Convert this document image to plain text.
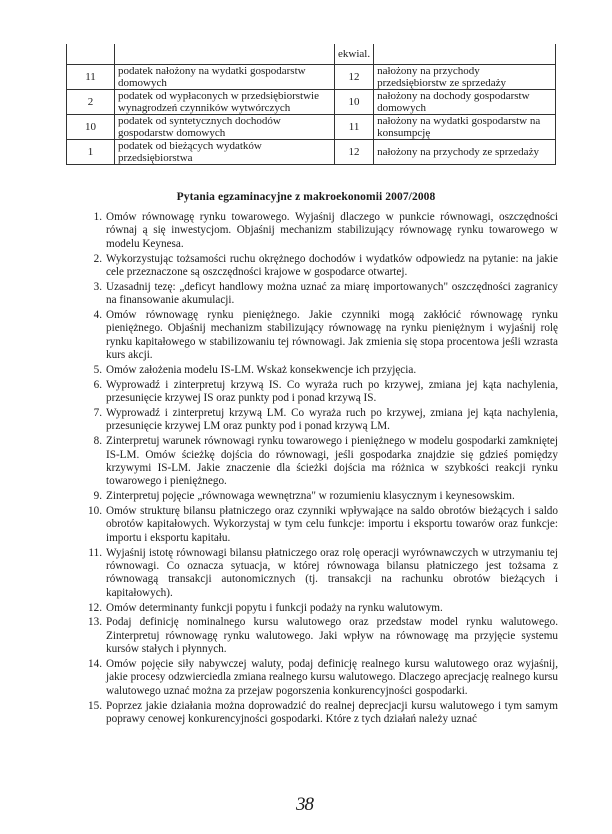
		ekwial.	

11	podatek nałożony na wydatki gospodarstw domowych	12	nałożony na przychody przedsiębiorstw ze sprzedaży
2	podatek od wypłaconych w przedsiębiorstwie wynagrodzeń czynników wytwórczych	10	nałożony na dochody gospodarstw domowych
10	podatek od syntetycznych dochodów gospodarstw domowych	11	nałożony na wydatki gospodarstw na konsumpcję
1	podatek od bieżących wydatków przedsiębiorstwa	12	nałożony na przychody ze sprzedaży
Pytania egzaminacyjne z makroekonomii 2007/2008
1. Omów równowagę rynku towarowego. Wyjaśnij dlaczego w punkcie równowagi, oszczędności równaj ą się inwestycjom. Objaśnij mechanizm stabilizujący równowagę rynku towarowego w modelu Keynesa.
2. Wykorzystując tożsamości ruchu okrężnego dochodów i wydatków odpowiedz na pytanie: na jakie cele przeznaczone są oszczędności krajowe w gospodarce otwartej.
3. Uzasadnij tezę: „deficyt handlowy można uznać za miarę importowanych" oszczędności zagranicy na finansowanie akumulacji.
4. Omów równowagę rynku pieniężnego. Jakie czynniki mogą zakłócić równowagę rynku pieniężnego. Objaśnij mechanizm stabilizujący równowagę na rynku pieniężnym i wyjaśnij rolę rynku kapitałowego w stabilizowaniu tej równowagi. Jak zmienia się stopa procentowa jeśli wzrasta kurs akcji.
5. Omów założenia modelu IS-LM. Wskaż konsekwencje ich przyjęcia.
6. Wyprowadź i zinterpretuj krzywą IS. Co wyraża ruch po krzywej, zmiana jej kąta nachylenia, przesunięcie krzywej IS oraz punkty pod i ponad krzywą IS.
7. Wyprowadź i zinterpretuj krzywą LM. Co wyraża ruch po krzywej, zmiana jej kąta nachylenia, przesunięcie krzywej LM oraz punkty pod i ponad krzywą LM.
8. Zinterpretuj warunek równowagi rynku towarowego i pieniężnego w modelu gospodarki zamkniętej IS-LM. Omów ścieżkę dojścia do równowagi, jeśli gospodarka znajdzie się gdzieś pomiędzy krzywymi IS-LM. Jakie znaczenie dla ścieżki dojścia ma różnica w szybkości reakcji rynku towarowego i pieniężnego.
9. Zinterpretuj pojęcie „równowaga wewnętrzna" w rozumieniu klasycznym i keynesowskim.
10. Omów strukturę bilansu płatniczego oraz czynniki wpływające na saldo obrotów bieżących i saldo obrotów kapitałowych. Wykorzystaj w tym celu funkcje: importu i eksportu towarów oraz funkcje: importu i eksportu kapitału.
11. Wyjaśnij istotę równowagi bilansu płatniczego oraz rolę operacji wyrównawczych w utrzymaniu tej równowagi. Co oznacza sytuacja, w której równowaga bilansu płatniczego jest tożsama z równowagą transakcji autonomicznych (tj. transakcji na rachunku obrotów bieżących i kapitałowych).
12. Omów determinanty funkcji popytu i funkcji podaży na rynku walutowym.
13. Podaj definicję nominalnego kursu walutowego oraz przedstaw model rynku walutowego. Zinterpretuj równowagę rynku walutowego. Jaki wpływ na równowagę ma przyjęcie systemu kursów stałych i płynnych.
14. Omów pojęcie siły nabywczej waluty, podaj definicję realnego kursu walutowego oraz wyjaśnij, jakie procesy odzwierciedla zmiana realnego kursu walutowego. Dlaczego aprecjację realnego kursu walutowego uznać można za przejaw pogorszenia konkurencyjności gospodarki.
15. Poprzez jakie działania można doprowadzić do realnej deprecjacji kursu walutowego i tym samym poprawy cenowej konkurencyjności gospodarki. Które z tych działań należy uznać
38
